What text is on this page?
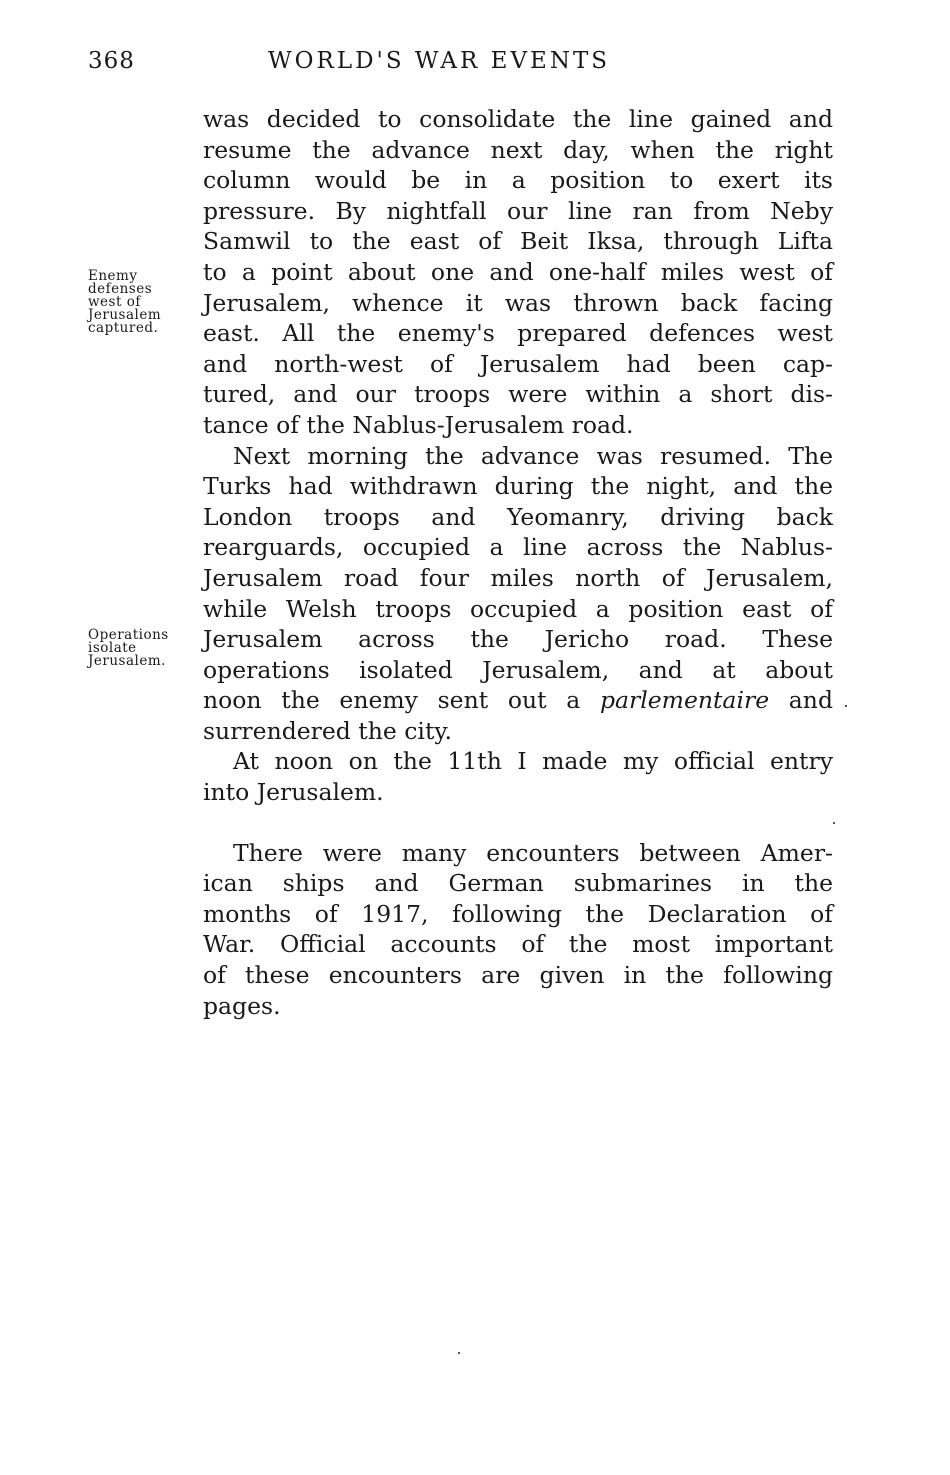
368	WORLD'S WAR EVENTS
Enemy
defenses
west of
Jerusalem
captured.
Operations
isolate
Jerusalem.
was decided to consolidate the line gained and
resume the advance next day, when the right
column would be in a position to exert its
pressure. By nightfall our line ran from Neby
Samwil to the east of Beit Iksa, through Lifta
to a point about one and one-half miles west of
Jerusalem, whence it was thrown back facing
east. All the enemy's prepared defences west
and north-west of Jerusalem had been cap-
tured, and our troops were within a short dis-
tance of the Nablus-Jerusalem road.
Next morning the advance was resumed. The
Turks had withdrawn during the night, and the
London troops and Yeomanry, driving back
rearguards, occupied a line across the Nablus-
Jerusalem road four miles north of Jerusalem,
while Welsh troops occupied a position east of
Jerusalem across the Jericho road. These
operations isolated Jerusalem, and at about
noon the enemy sent out a parlementaire and
surrendered the city.
At noon on the 11th I made my official entry
into Jerusalem.
There were many encounters between Amer-
ican ships and German submarines in the
months of 1917, following the Declaration of
War. Official accounts of the most important
of these encounters are given in the following
pages.
